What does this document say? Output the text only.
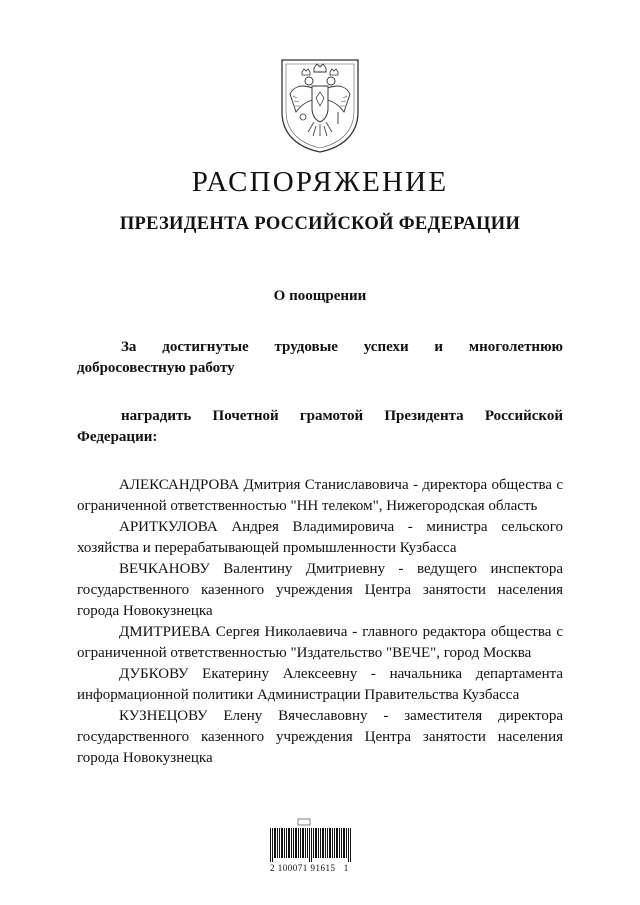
РАСПОРЯЖЕНИЕ
ПРЕЗИДЕНТА РОССИЙСКОЙ ФЕДЕРАЦИИ
О поощрении

За достигнутые трудовые успехи и многолетнюю добросовестную работу

наградить Почетной грамотой Президента Российской Федерации:

АЛЕКСАНДРОВА Дмитрия Станиславовича - директора общества с ограниченной ответственностью "НН телеком", Нижегородская область

АРИТКУЛОВА Андрея Владимировича - министра сельского хозяйства и перерабатывающей промышленности Кузбасса

ВЕЧКАНОВУ Валентину Дмитриевну - ведущего инспектора государственного казенного учреждения Центра занятости населения города Новокузнецка

ДМИТРИЕВА Сергея Николаевича - главного редактора общества с ограниченной ответственностью "Издательство "ВЕЧЕ", город Москва

ДУБКОВУ Екатерину Алексеевну - начальника департамента информационной политики Администрации Правительства Кузбасса

КУЗНЕЦОВУ Елену Вячеславовну - заместителя директора государственного казенного учреждения Центра занятости населения города Новокузнецка

2 100071 91615   1
